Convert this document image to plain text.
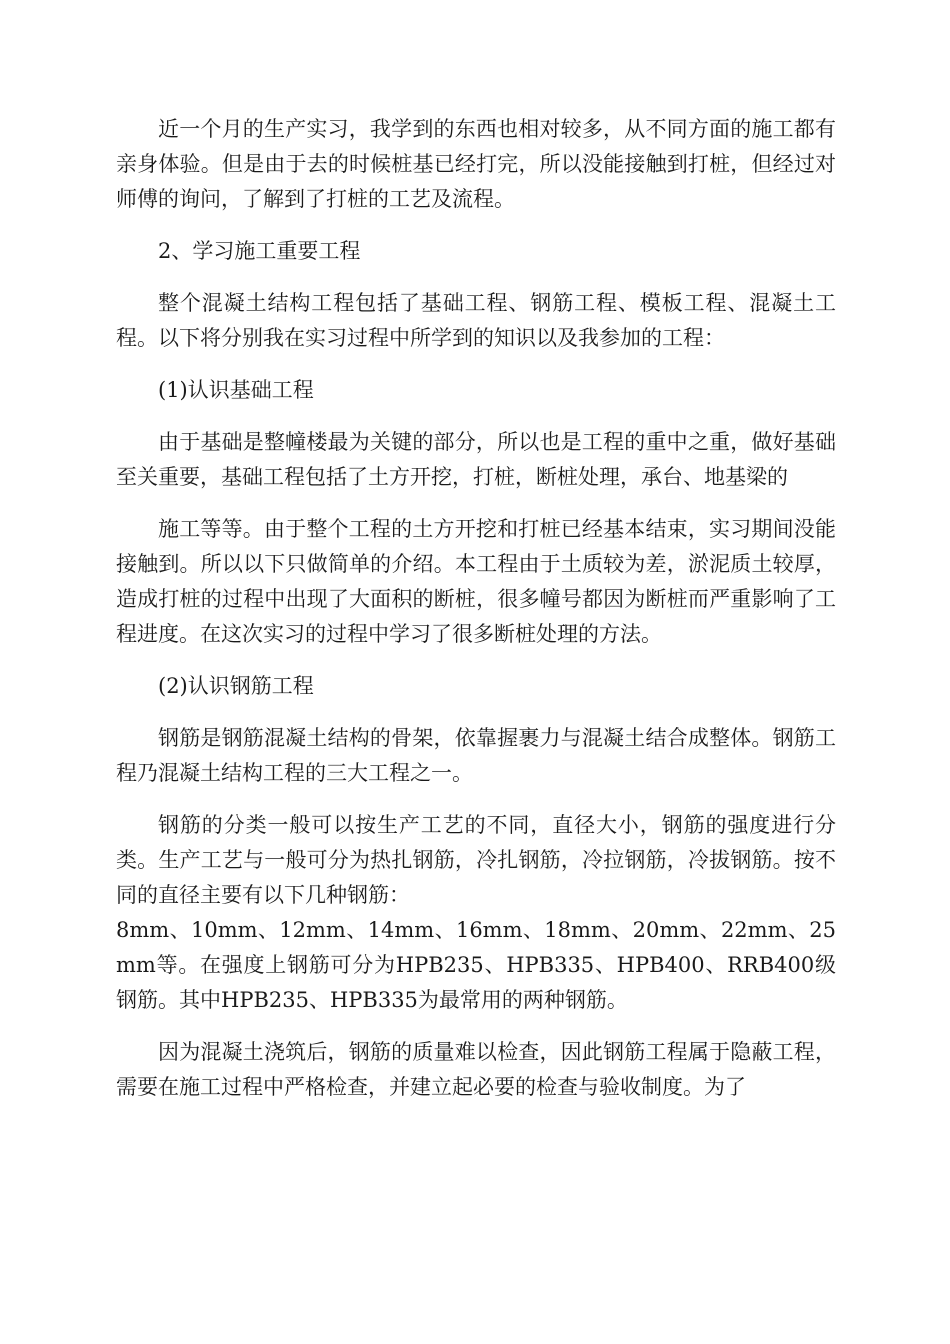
近一个月的生产实习，我学到的东西也相对较多，从不同方面的施工都有亲身体验。但是由于去的时候桩基已经打完，所以没能接触到打桩，但经过对师傅的询问，了解到了打桩的工艺及流程。

2、学习施工重要工程

整个混凝土结构工程包括了基础工程、钢筋工程、模板工程、混凝土工程。以下将分别我在实习过程中所学到的知识以及我参加的工程：

(1)认识基础工程

由于基础是整幢楼最为关键的部分，所以也是工程的重中之重，做好基础至关重要，基础工程包括了土方开挖，打桩，断桩处理，承台、地基梁的

施工等等。由于整个工程的土方开挖和打桩已经基本结束，实习期间没能接触到。所以以下只做简单的介绍。本工程由于土质较为差，淤泥质土较厚，造成打桩的过程中出现了大面积的断桩，很多幢号都因为断桩而严重影响了工程进度。在这次实习的过程中学习了很多断桩处理的方法。

(2)认识钢筋工程

钢筋是钢筋混凝土结构的骨架，依靠握裹力与混凝土结合成整体。钢筋工程乃混凝土结构工程的三大工程之一。

钢筋的分类一般可以按生产工艺的不同，直径大小，钢筋的强度进行分类。生产工艺与一般可分为热扎钢筋，冷扎钢筋，冷拉钢筋，冷拔钢筋。按不同的直径主要有以下几种钢筋：

8mm、10mm、12mm、14mm、16mm、18mm、20mm、22mm、25mm等。在强度上钢筋可分为HPB235、HPB335、HPB400、RRB400级钢筋。其中HPB235、HPB335为最常用的两种钢筋。

因为混凝土浇筑后，钢筋的质量难以检查，因此钢筋工程属于隐蔽工程，需要在施工过程中严格检查，并建立起必要的检查与验收制度。为了
